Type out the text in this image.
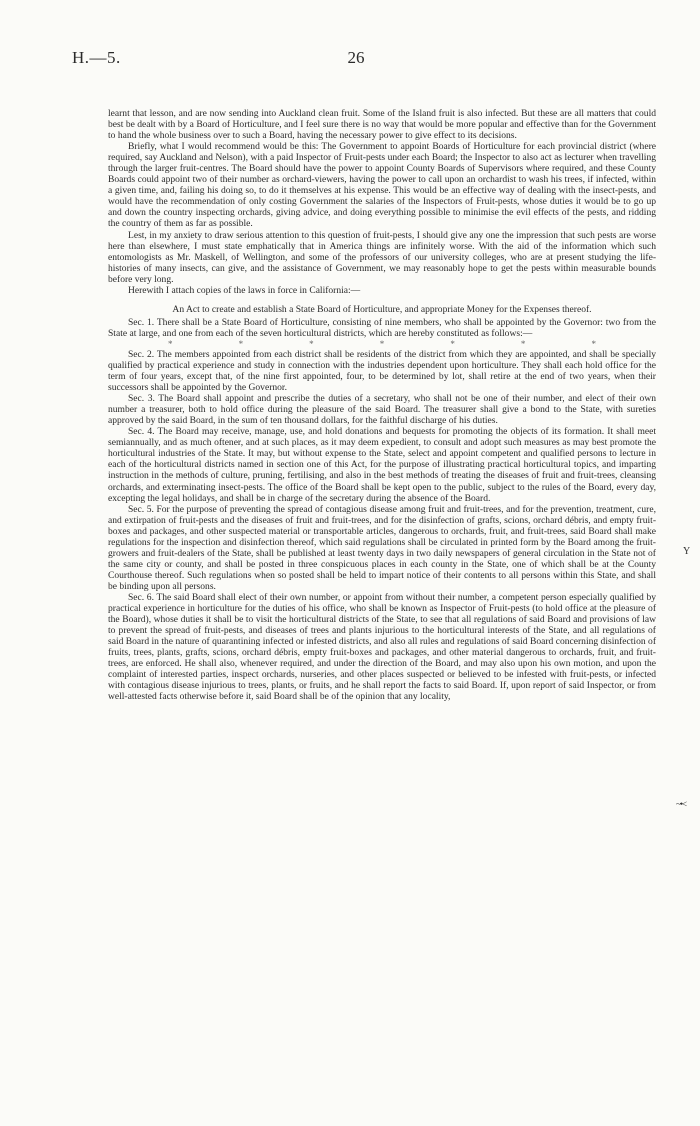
H.—5.	26

learnt that lesson, and are now sending into Auckland clean fruit. Some of the Island fruit is also infected. But these are all matters that could best be dealt with by a Board of Horticulture, and I feel sure there is no way that would be more popular and effective than for the Government to hand the whole business over to such a Board, having the necessary power to give effect to its decisions.

Briefly, what I would recommend would be this: The Government to appoint Boards of Horticulture for each provincial district (where required, say Auckland and Nelson), with a paid Inspector of Fruit-pests under each Board; the Inspector to also act as lecturer when travelling through the larger fruit-centres. The Board should have the power to appoint County Boards of Supervisors where required, and these County Boards could appoint two of their number as orchard-viewers, having the power to call upon an orchardist to wash his trees, if infected, within a given time, and, failing his doing so, to do it themselves at his expense. This would be an effective way of dealing with the insect-pests, and would have the recommendation of only costing Government the salaries of the Inspectors of Fruit-pests, whose duties it would be to go up and down the country inspecting orchards, giving advice, and doing everything possible to minimise the evil effects of the pests, and ridding the country of them as far as possible.

Lest, in my anxiety to draw serious attention to this question of fruit-pests, I should give any one the impression that such pests are worse here than elsewhere, I must state emphatically that in America things are infinitely worse. With the aid of the information which such entomologists as Mr. Maskell, of Wellington, and some of the professors of our university colleges, who are at present studying the life-histories of many insects, can give, and the assistance of Government, we may reasonably hope to get the pests within measurable bounds before very long.

Herewith I attach copies of the laws in force in California:—

An Act to create and establish a State Board of Horticulture, and appropriate Money for the Expenses thereof.

Sec. 1. There shall be a State Board of Horticulture, consisting of nine members, who shall be appointed by the Governor: two from the State at large, and one from each of the seven horticultural districts, which are hereby constituted as follows:—

*	*	*	*	*	*	*

Sec. 2. The members appointed from each district shall be residents of the district from which they are appointed, and shall be specially qualified by practical experience and study in connection with the industries dependent upon horticulture. They shall each hold office for the term of four years, except that, of the nine first appointed, four, to be determined by lot, shall retire at the end of two years, when their successors shall be appointed by the Governor.

Sec. 3. The Board shall appoint and prescribe the duties of a secretary, who shall not be one of their number, and elect of their own number a treasurer, both to hold office during the pleasure of the said Board. The treasurer shall give a bond to the State, with sureties approved by the said Board, in the sum of ten thousand dollars, for the faithful discharge of his duties.

Sec. 4. The Board may receive, manage, use, and hold donations and bequests for promoting the objects of its formation. It shall meet semiannually, and as much oftener, and at such places, as it may deem expedient, to consult and adopt such measures as may best promote the horticultural industries of the State. It may, but without expense to the State, select and appoint competent and qualified persons to lecture in each of the horticultural districts named in section one of this Act, for the purpose of illustrating practical horticultural topics, and imparting instruction in the methods of culture, pruning, fertilising, and also in the best methods of treating the diseases of fruit and fruit-trees, cleansing orchards, and exterminating insect-pests. The office of the Board shall be kept open to the public, subject to the rules of the Board, every day, excepting the legal holidays, and shall be in charge of the secretary during the absence of the Board.

Sec. 5. For the purpose of preventing the spread of contagious disease among fruit and fruit-trees, and for the prevention, treatment, cure, and extirpation of fruit-pests and the diseases of fruit and fruit-trees, and for the disinfection of grafts, scions, orchard débris, and empty fruit-boxes and packages, and other suspected material or transportable articles, dangerous to orchards, fruit, and fruit-trees, said Board shall make regulations for the inspection and disinfection thereof, which said regulations shall be circulated in printed form by the Board among the fruit-growers and fruit-dealers of the State, shall be published at least twenty days in two daily newspapers of general circulation in the State not of the same city or county, and shall be posted in three conspicuous places in each county in the State, one of which shall be at the County Courthouse thereof. Such regulations when so posted shall be held to impart notice of their contents to all persons within this State, and shall be binding upon all persons.

Sec. 6. The said Board shall elect of their own number, or appoint from without their number, a competent person especially qualified by practical experience in horticulture for the duties of his office, who shall be known as Inspector of Fruit-pests (to hold office at the pleasure of the Board), whose duties it shall be to visit the horticultural districts of the State, to see that all regulations of said Board and provisions of law to prevent the spread of fruit-pests, and diseases of trees and plants injurious to the horticultural interests of the State, and all regulations of said Board in the nature of quarantining infected or infested districts, and also all rules and regulations of said Board concerning disinfection of fruits, trees, plants, grafts, scions, orchard débris, empty fruit-boxes and packages, and other material dangerous to orchards, fruit, and fruit-trees, are enforced. He shall also, whenever required, and under the direction of the Board, and may also upon his own motion, and upon the complaint of interested parties, inspect orchards, nurseries, and other places suspected or believed to be infested with fruit-pests, or infected with contagious disease injurious to trees, plants, or fruits, and he shall report the facts to said Board. If, upon report of said Inspector, or from well-attested facts otherwise before it, said Board shall be of the opinion that any locality,

Y
~•<
